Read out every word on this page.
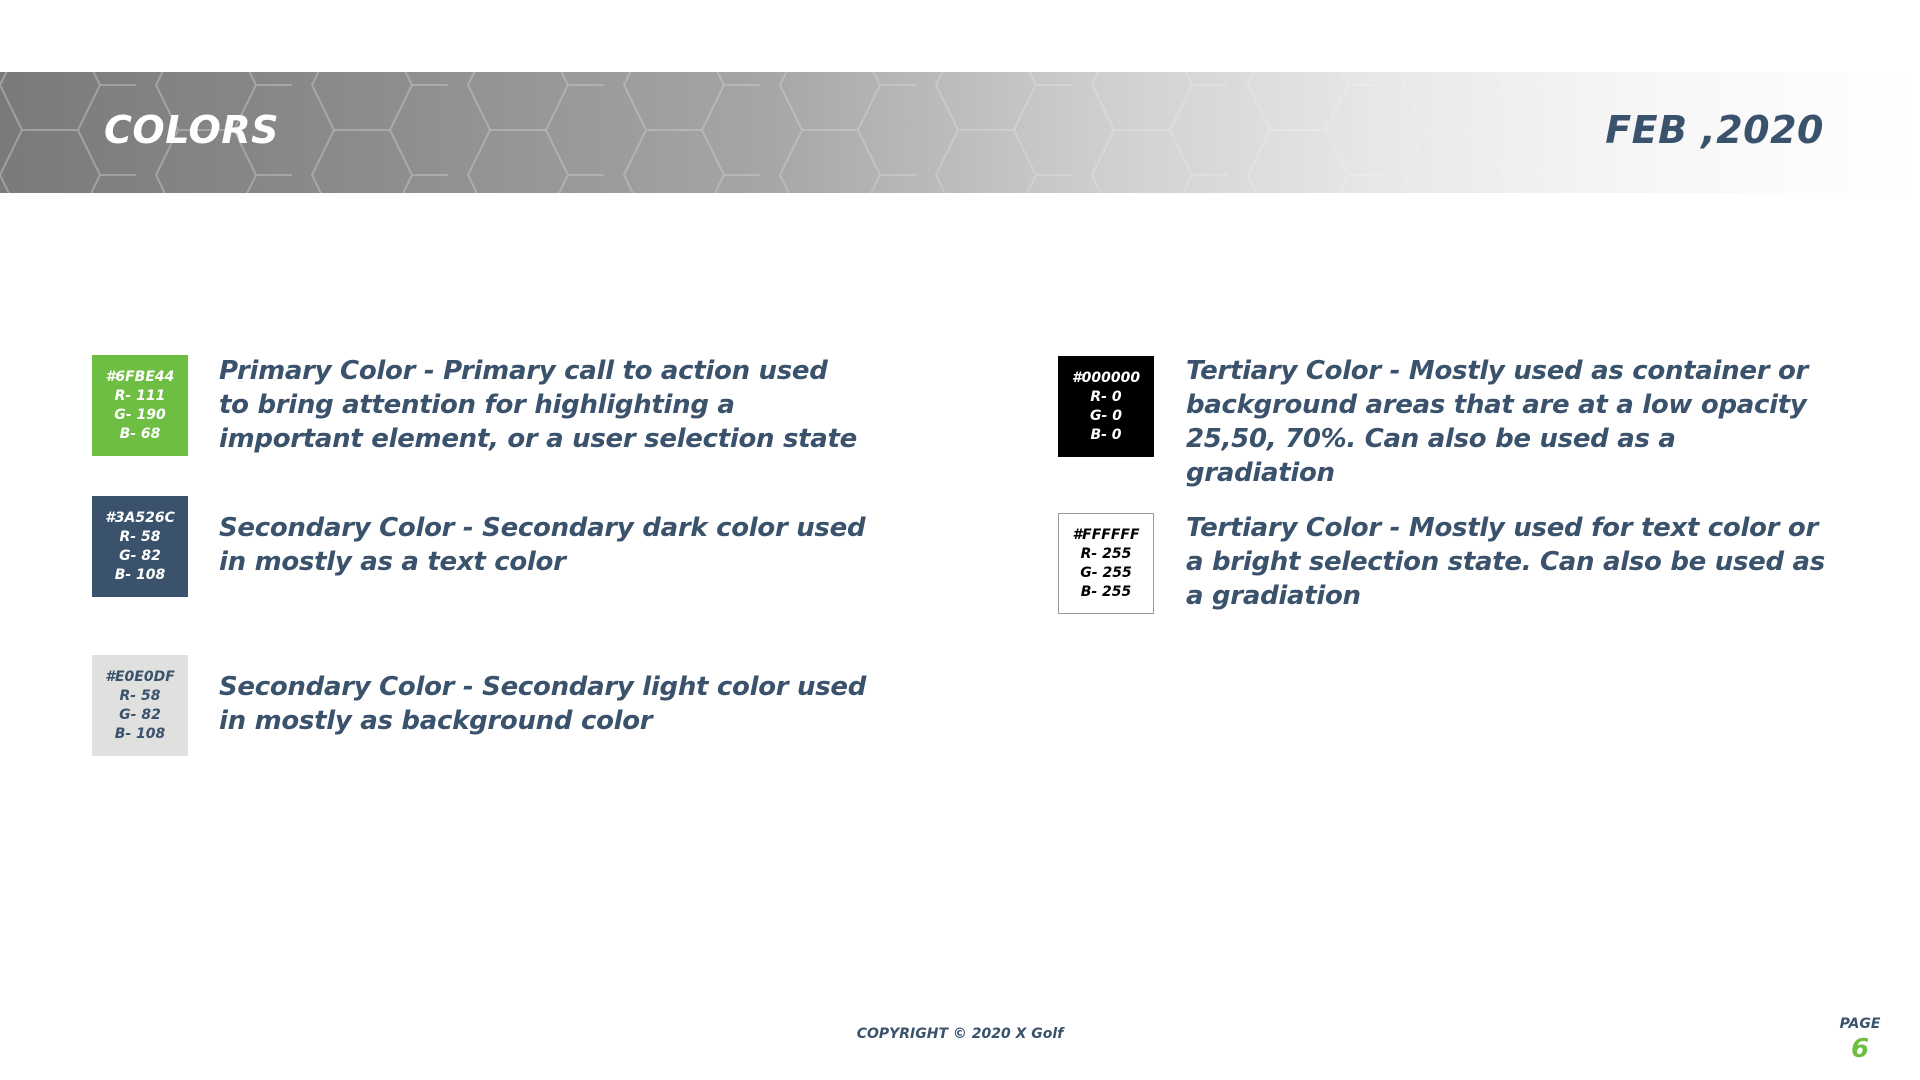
COLORS	FEB ,2020
#6FBE44
R- 111
G- 190
B- 68
Primary Color - Primary call to action used to bring attention for highlighting a important element, or a user selection state
#3A526C
R- 58
G- 82
B- 108
Secondary Color - Secondary dark color used in mostly as a text color
#E0E0DF
R- 58
G- 82
B- 108
Secondary Color - Secondary light color used in mostly as background color
#000000
R- 0
G- 0
B- 0
Tertiary Color - Mostly used as container or background areas that are at a low opacity 25,50, 70%. Can also be used as a gradiation
#FFFFFF
R- 255
G- 255
B- 255
Tertiary Color - Mostly used for text color or a bright selection state. Can also be used as a gradiation
COPYRIGHT © 2020 X Golf
PAGE
6
